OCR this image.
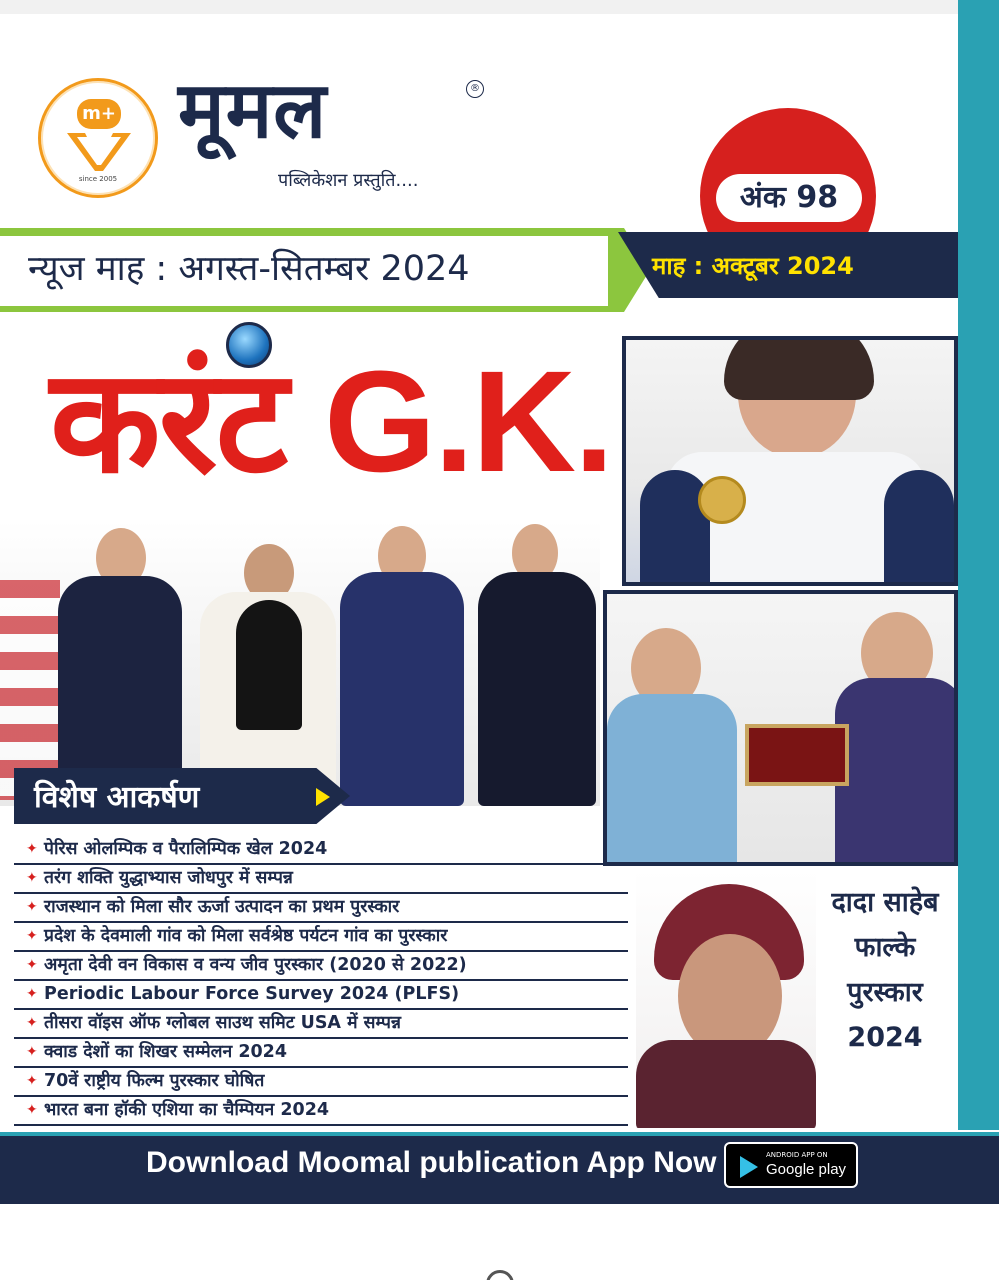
m+
since 2005
मूमल	®
पब्लिकेशन प्रस्तुति....	अंक 98
न्यूज माह : अगस्त-सितम्बर 2024	माह : अक्टूबर 2024
दादा साहेब
फाल्के
पुरस्कार
2024
करंट G.K.
विशेष आकर्षण
✦ पेरिस ओलम्पिक व पैरालिम्पिक खेल 2024
✦ तरंग शक्ति युद्धाभ्यास जोधपुर में सम्पन्न
✦ राजस्थान को मिला सौर ऊर्जा उत्पादन का प्रथम पुरस्कार
✦ प्रदेश के देवमाली गांव को मिला सर्वश्रेष्ठ पर्यटन गांव का पुरस्कार
✦ अमृता देवी वन विकास व वन्य जीव पुरस्कार (2020 से 2022)
✦ Periodic Labour Force Survey 2024 (PLFS)
✦ तीसरा वॉइस ऑफ ग्लोबल साउथ समिट USA में सम्पन्न
✦ क्वाड देशों का शिखर सम्मेलन 2024
✦ 70वें राष्ट्रीय फिल्म पुरस्कार घोषित
✦ भारत बना हॉकी एशिया का चैम्पियन 2024
Download Moomal publication App Now	ANDROID APP ON
Google play
